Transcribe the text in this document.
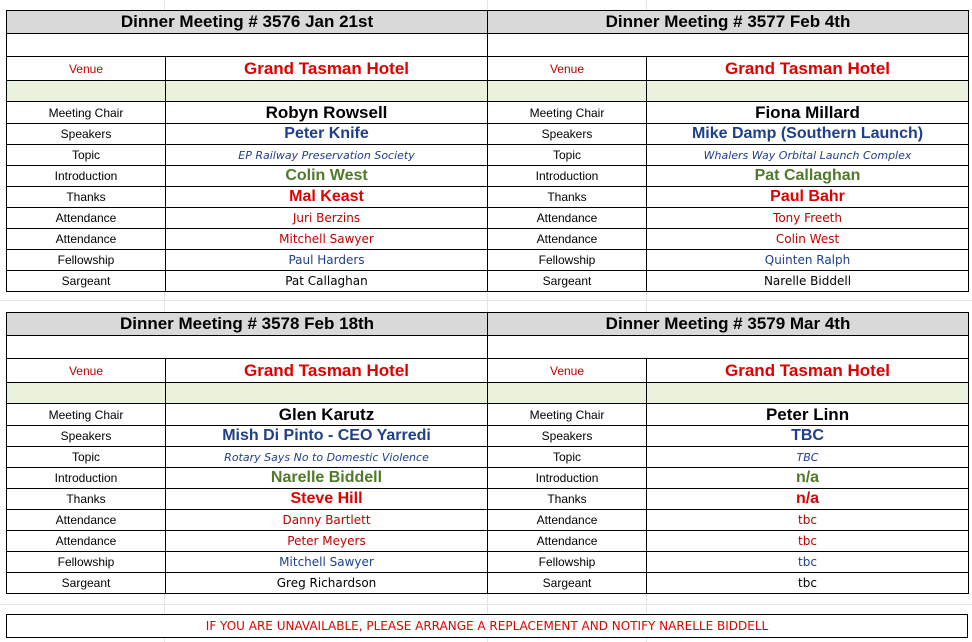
Dinner Meeting # 3576 Jan 21st		Dinner Meeting # 3577 Feb 4th	

Venue	Grand Tasman Hotel	Venue	Grand Tasman Hotel

Meeting Chair	Robyn Rowsell	Meeting Chair	Fiona Millard
Speakers	Peter Knife	Speakers	Mike Damp (Southern Launch)
Topic	EP Railway Preservation Society	Topic	Whalers Way Orbital Launch Complex
Introduction	Colin West	Introduction	Pat Callaghan
Thanks	Mal Keast	Thanks	Paul Bahr
Attendance	Juri Berzins	Attendance	Tony Freeth
Attendance	Mitchell Sawyer	Attendance	Colin West
Fellowship	Paul Harders	Fellowship	Quinten Ralph
Sargeant	Pat Callaghan	Sargeant	Narelle Biddell
Dinner Meeting # 3578 Feb 18th		Dinner Meeting # 3579 Mar 4th	

Venue	Grand Tasman Hotel	Venue	Grand Tasman Hotel

Meeting Chair	Glen Karutz	Meeting Chair	Peter Linn
Speakers	Mish Di Pinto - CEO Yarredi	Speakers	TBC
Topic	Rotary Says No to Domestic Violence	Topic	TBC
Introduction	Narelle Biddell	Introduction	n/a
Thanks	Steve Hill	Thanks	n/a
Attendance	Danny Bartlett	Attendance	tbc
Attendance	Peter Meyers	Attendance	tbc
Fellowship	Mitchell Sawyer	Fellowship	tbc
Sargeant	Greg Richardson	Sargeant	tbc
IF YOU ARE UNAVAILABLE, PLEASE ARRANGE A REPLACEMENT AND NOTIFY NARELLE BIDDELL
